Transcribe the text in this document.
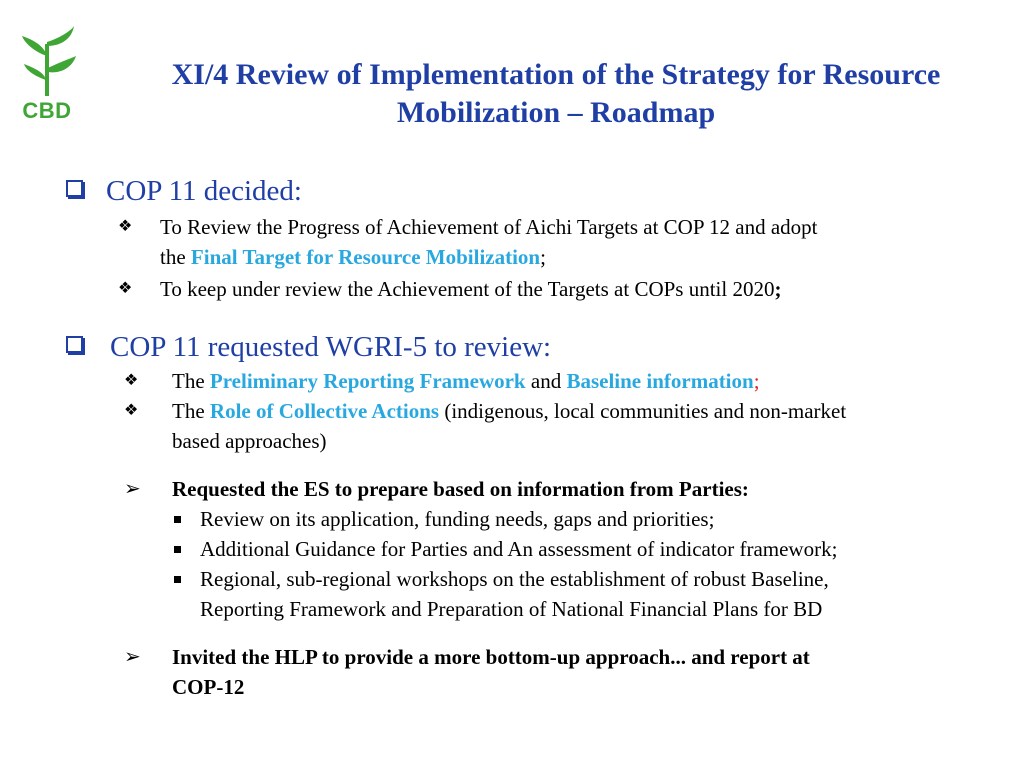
CBD
XI/4 Review of Implementation of the Strategy for Resource
Mobilization – Roadmap
COP 11 decided:
❖ To Review the Progress of Achievement of Aichi Targets at COP 12 and adopt
the Final Target for Resource Mobilization;
❖ To keep under review the Achievement of the Targets at COPs until 2020;
COP 11 requested WGRI-5 to review:
❖ The Preliminary Reporting Framework and Baseline information;
❖ The Role of Collective Actions (indigenous, local communities and non-market
based approaches)
➢ Requested the ES to prepare based on information from Parties:
Review on its application, funding needs, gaps and priorities;
Additional Guidance for Parties and An assessment of indicator framework;
Regional, sub-regional workshops on the establishment of robust Baseline,
Reporting Framework and Preparation of National Financial Plans for BD
➢ Invited the HLP to provide a more bottom-up approach... and report at
COP-12
